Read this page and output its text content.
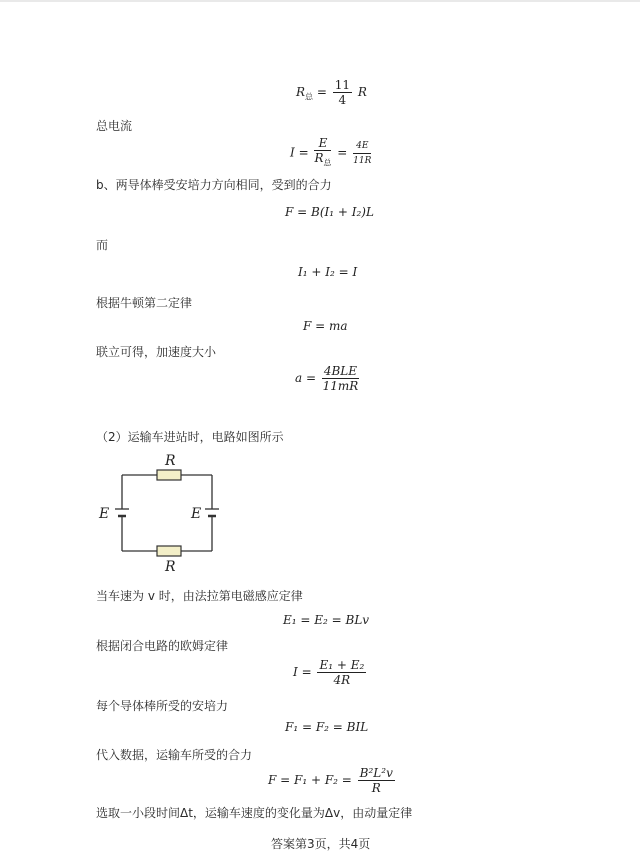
$R_总 = \frac{11}{4}$ R
总电流
$I = \frac{E}{R_总} = \frac{4E}{11R}$
b、两导体棒受安培力方向相同，受到的合力
F = B(I₁ + I₂)L
而
I₁ + I₂ = I
根据牛顿第二定律
F = ma
联立可得，加速度大小
$a = \frac{\text{4BLE}}{11mR}$
（2）运输车进站时，电路如图所示
R
R
E	E
当车速为 v 时，由法拉第电磁感应定律
E₁ = E₂ = BLv
根据闭合电路的欧姆定律
$I = \frac{\text{E₁ + E₂}}{4R}$
每个导体棒所受的安培力
F₁ = F₂ = BIL
代入数据，运输车所受的合力
$F = F_1 + F_2 = \frac{\text{B²L²v}}{R}$
选取一小段时间Δt，运输车速度的变化量为Δv，由动量定律
答案第3页，共4页
